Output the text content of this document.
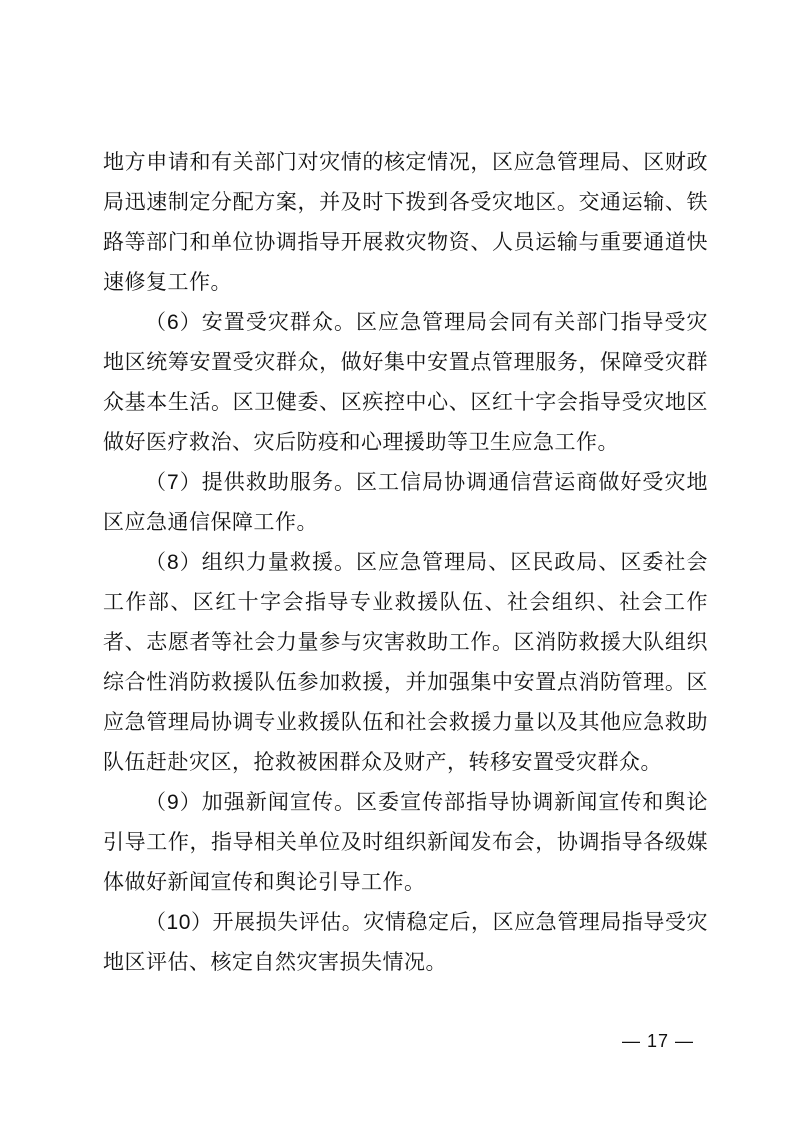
地方申请和有关部门对灾情的核定情况，区应急管理局、区财政局迅速制定分配方案，并及时下拨到各受灾地区。交通运输、铁路等部门和单位协调指导开展救灾物资、人员运输与重要通道快速修复工作。

（6）安置受灾群众。区应急管理局会同有关部门指导受灾地区统筹安置受灾群众，做好集中安置点管理服务，保障受灾群众基本生活。区卫健委、区疾控中心、区红十字会指导受灾地区做好医疗救治、灾后防疫和心理援助等卫生应急工作。

（7）提供救助服务。区工信局协调通信营运商做好受灾地区应急通信保障工作。

（8）组织力量救援。区应急管理局、区民政局、区委社会工作部、区红十字会指导专业救援队伍、社会组织、社会工作者、志愿者等社会力量参与灾害救助工作。区消防救援大队组织综合性消防救援队伍参加救援，并加强集中安置点消防管理。区应急管理局协调专业救援队伍和社会救援力量以及其他应急救助队伍赶赴灾区，抢救被困群众及财产，转移安置受灾群众。

（9）加强新闻宣传。区委宣传部指导协调新闻宣传和舆论引导工作，指导相关单位及时组织新闻发布会，协调指导各级媒体做好新闻宣传和舆论引导工作。

（10）开展损失评估。灾情稳定后，区应急管理局指导受灾地区评估、核定自然灾害损失情况。

— 17 —
